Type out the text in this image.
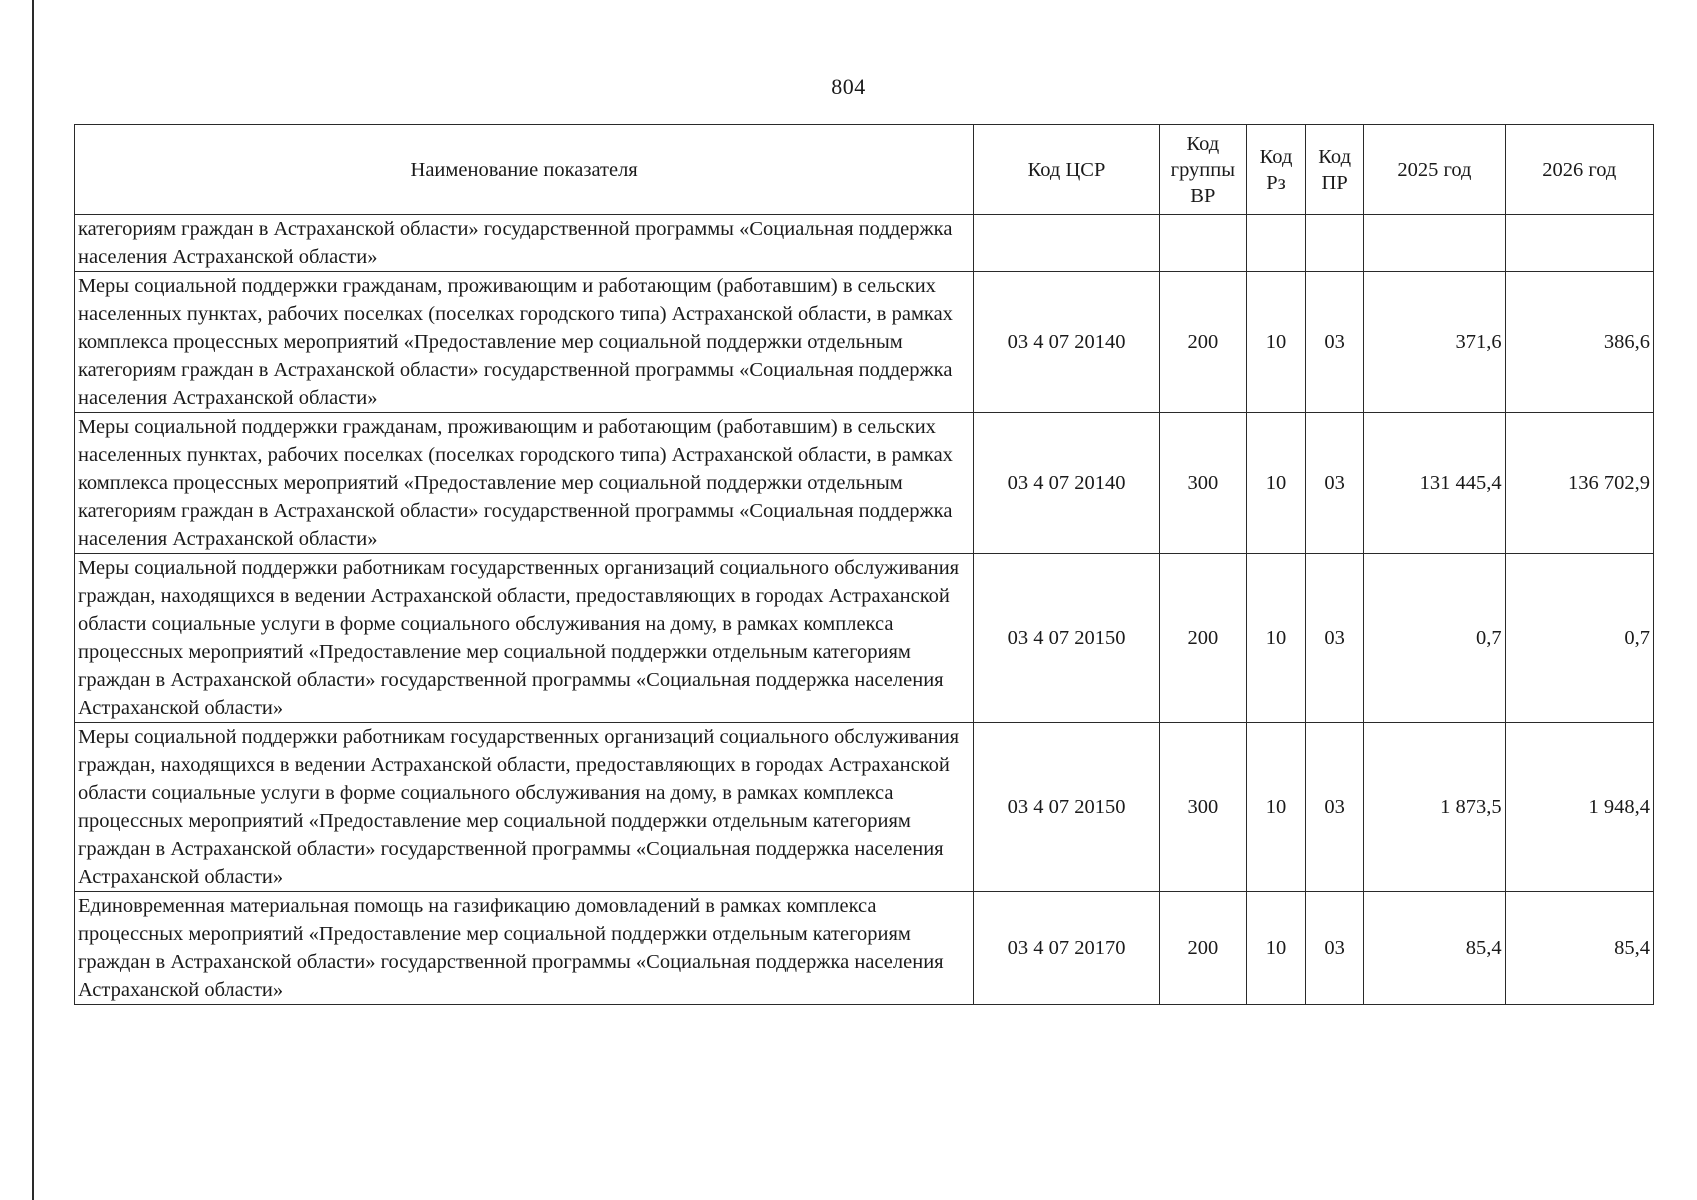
804
Наименование показателя	Код ЦСР	Код группы ВР	Код Рз	Код ПР	2025 год	2026 год
категориям граждан в Астраханской области» государственной программы «Социальная поддержка населения Астраханской области»						
Меры социальной поддержки гражданам, проживающим и работающим (работавшим) в сельских населенных пунктах, рабочих поселках (поселках городского типа) Астраханской области, в рамках комплекса процессных мероприятий «Предоставление мер социальной поддержки отдельным категориям граждан в Астраханской области» государственной программы «Социальная поддержка населения Астраханской области»	03 4 07 20140	200	10	03	371,6	386,6
Меры социальной поддержки гражданам, проживающим и работающим (работавшим) в сельских населенных пунктах, рабочих поселках (поселках городского типа) Астраханской области, в рамках комплекса процессных мероприятий «Предоставление мер социальной поддержки отдельным категориям граждан в Астраханской области» государственной программы «Социальная поддержка населения Астраханской области»	03 4 07 20140	300	10	03	131 445,4	136 702,9
Меры социальной поддержки работникам государственных организаций социального обслуживания граждан, находящихся в ведении Астраханской области, предоставляющих в городах Астраханской области социальные услуги в форме социального обслуживания на дому, в рамках комплекса процессных мероприятий «Предоставление мер социальной поддержки отдельным категориям граждан в Астраханской области» государственной программы «Социальная поддержка населения Астраханской области»	03 4 07 20150	200	10	03	0,7	0,7
Меры социальной поддержки работникам государственных организаций социального обслуживания граждан, находящихся в ведении Астраханской области, предоставляющих в городах Астраханской области социальные услуги в форме социального обслуживания на дому, в рамках комплекса процессных мероприятий «Предоставление мер социальной поддержки отдельным категориям граждан в Астраханской области» государственной программы «Социальная поддержка населения Астраханской области»	03 4 07 20150	300	10	03	1 873,5	1 948,4
Единовременная материальная помощь на газификацию домовладений в рамках комплекса процессных мероприятий «Предоставление мер социальной поддержки отдельным категориям граждан в Астраханской области» государственной программы «Социальная поддержка населения Астраханской области»	03 4 07 20170	200	10	03	85,4	85,4
